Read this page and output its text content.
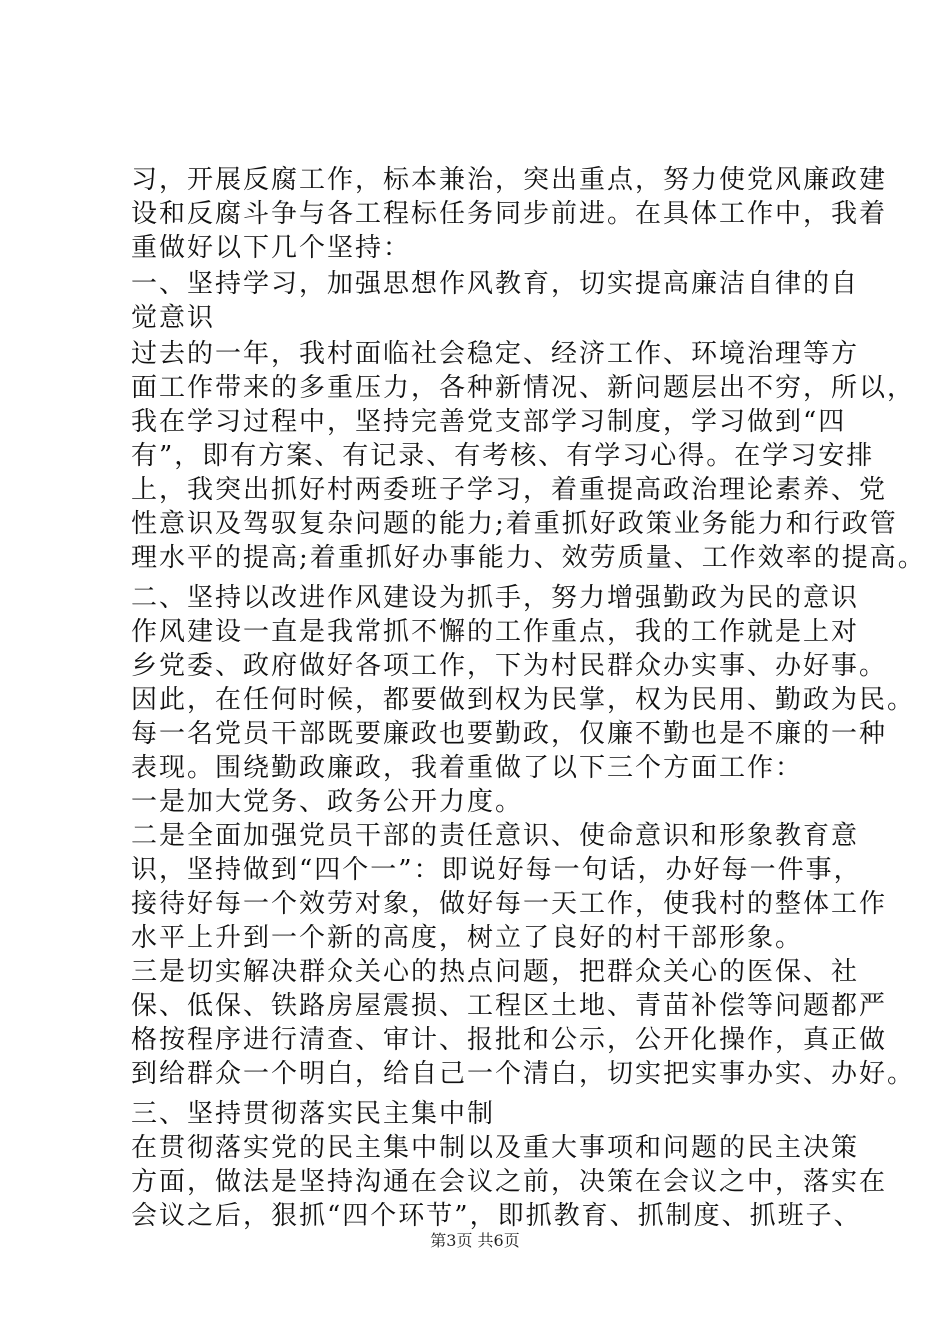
习，开展反腐工作，标本兼治，突出重点，努力使党风廉政建
设和反腐斗争与各工程标任务同步前进。在具体工作中，我着
重做好以下几个坚持：
一、坚持学习，加强思想作风教育，切实提高廉洁自律的自
觉意识
过去的一年，我村面临社会稳定、经济工作、环境治理等方
面工作带来的多重压力，各种新情况、新问题层出不穷，所以，
我在学习过程中，坚持完善党支部学习制度，学习做到“四
有”，即有方案、有记录、有考核、有学习心得。在学习安排
上，我突出抓好村两委班子学习，着重提高政治理论素养、党
性意识及驾驭复杂问题的能力;着重抓好政策业务能力和行政管
理水平的提高;着重抓好办事能力、效劳质量、工作效率的提高。
二、坚持以改进作风建设为抓手，努力增强勤政为民的意识
作风建设一直是我常抓不懈的工作重点，我的工作就是上对
乡党委、政府做好各项工作，下为村民群众办实事、办好事。
因此，在任何时候，都要做到权为民掌，权为民用、勤政为民。
每一名党员干部既要廉政也要勤政，仅廉不勤也是不廉的一种
表现。围绕勤政廉政，我着重做了以下三个方面工作：
一是加大党务、政务公开力度。
二是全面加强党员干部的责任意识、使命意识和形象教育意
识，坚持做到“四个一”：即说好每一句话，办好每一件事，
接待好每一个效劳对象，做好每一天工作，使我村的整体工作
水平上升到一个新的高度，树立了良好的村干部形象。
三是切实解决群众关心的热点问题，把群众关心的医保、社
保、低保、铁路房屋震损、工程区土地、青苗补偿等问题都严
格按程序进行清查、审计、报批和公示，公开化操作，真正做
到给群众一个明白，给自己一个清白，切实把实事办实、办好。
三、坚持贯彻落实民主集中制
在贯彻落实党的民主集中制以及重大事项和问题的民主决策
方面，做法是坚持沟通在会议之前，决策在会议之中，落实在
会议之后，狠抓“四个环节”，即抓教育、抓制度、抓班子、
第3页 共6页
